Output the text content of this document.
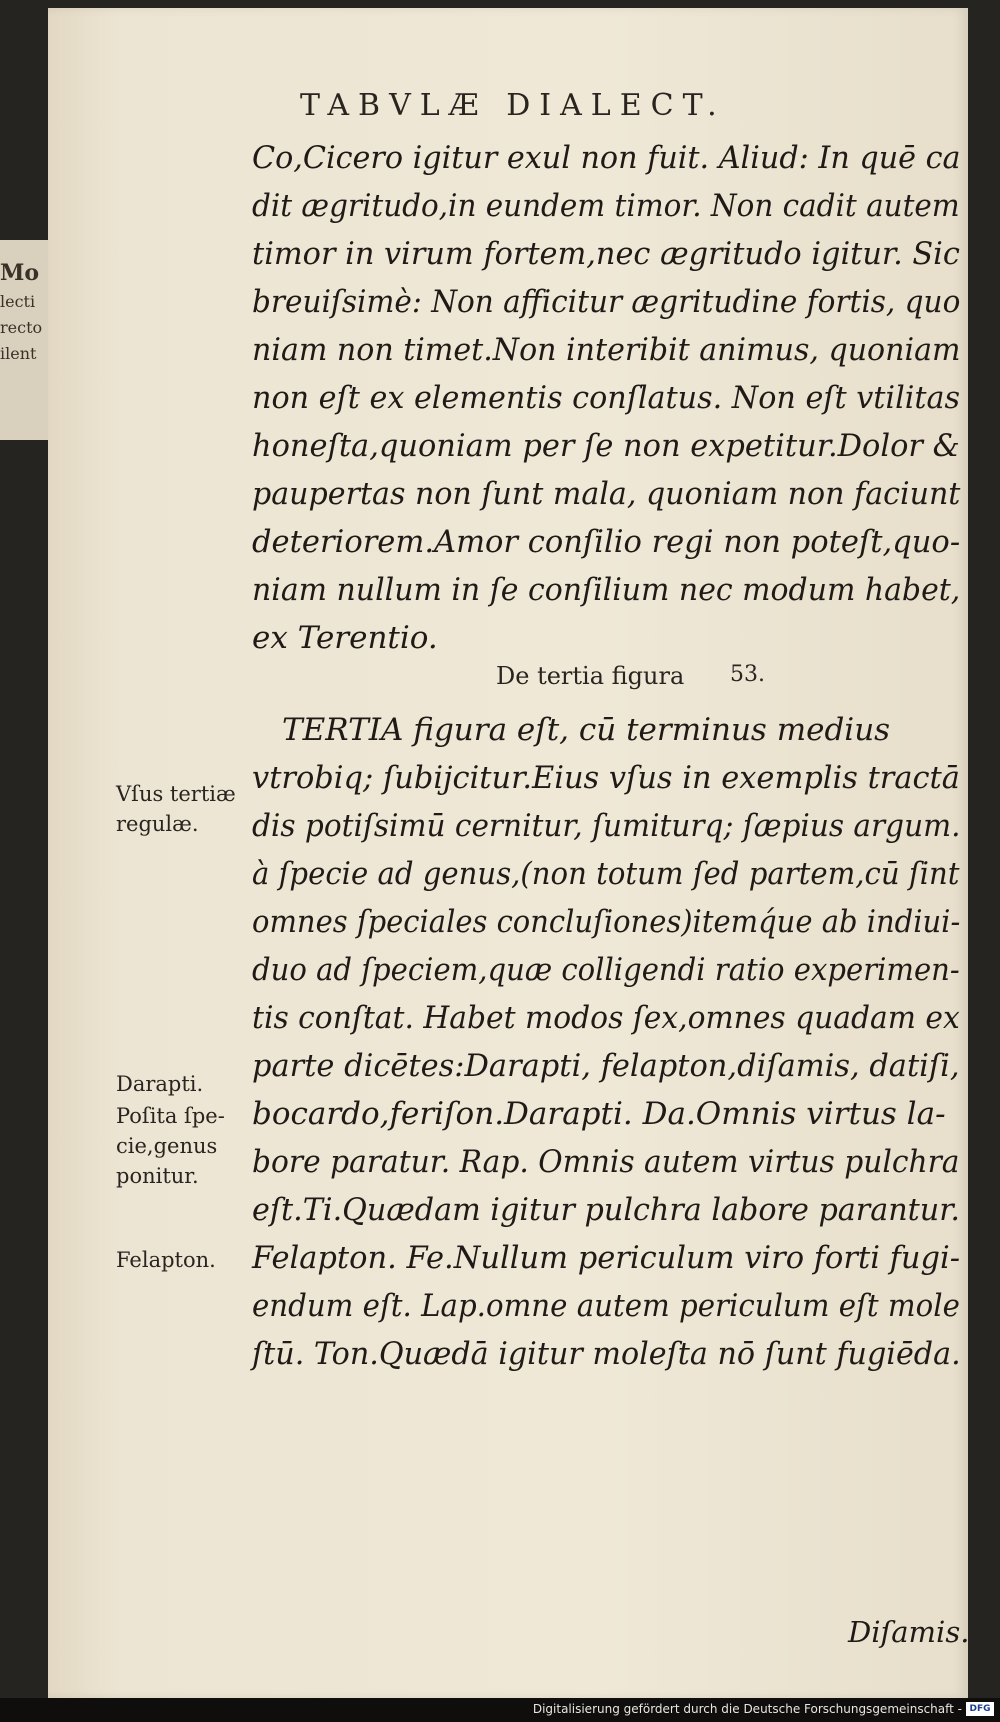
Mo
lecti
recto
ilent
TABVLÆ DIALECT.
Co,Cicero igitur exul non fuit. Aliud: In quē ca
dit ægritudo,in eundem timor. Non cadit autem
timor in virum fortem,nec ægritudo igitur. Sic
breuiſsimè: Non afficitur ægritudine fortis, quo
niam non timet.Non interibit animus, quoniam
non eſt ex elementis conſlatus. Non eſt vtilitas
honeſta,quoniam per ſe non expetitur.Dolor &
paupertas non ſunt mala, quoniam non faciunt
deteriorem.Amor conſilio regi non poteſt,quo-
niam nullum in ſe conſilium nec modum habet,
ex Terentio.
De tertia figura 53.
TERTIA figura eſt, cū terminus medius
vtrobiq; ſubijcitur.Eius vſus in exemplis tractā
dis potiſsimū cernitur, ſumiturq; ſæpius argum.
à ſpecie ad genus,(non totum ſed partem,cū ſint
omnes ſpeciales concluſiones)itemq́ue ab indiui-
duo ad ſpeciem,quæ colligendi ratio experimen-
tis conſtat. Habet modos ſex,omnes quadam ex
parte dicētes:Darapti, felapton,diſamis, datiſi,
bocardo,feriſon.Darapti. Da.Omnis virtus la-
bore paratur. Rap. Omnis autem virtus pulchra
eſt.Ti.Quædam igitur pulchra labore parantur.
Felapton. Fe.Nullum periculum viro forti fugi-
endum eſt. Lap.omne autem periculum eſt mole
ſtū. Ton.Quædā igitur moleſta nō ſunt fugiēda.
Diſamis.
Vſus tertiæ
regulæ.
Darapti.
Poſita ſpe-
cie,genus
ponitur.
Felapton.
Digitalisierung gefördert durch die Deutsche Forschungsgemeinschaft - DFG
